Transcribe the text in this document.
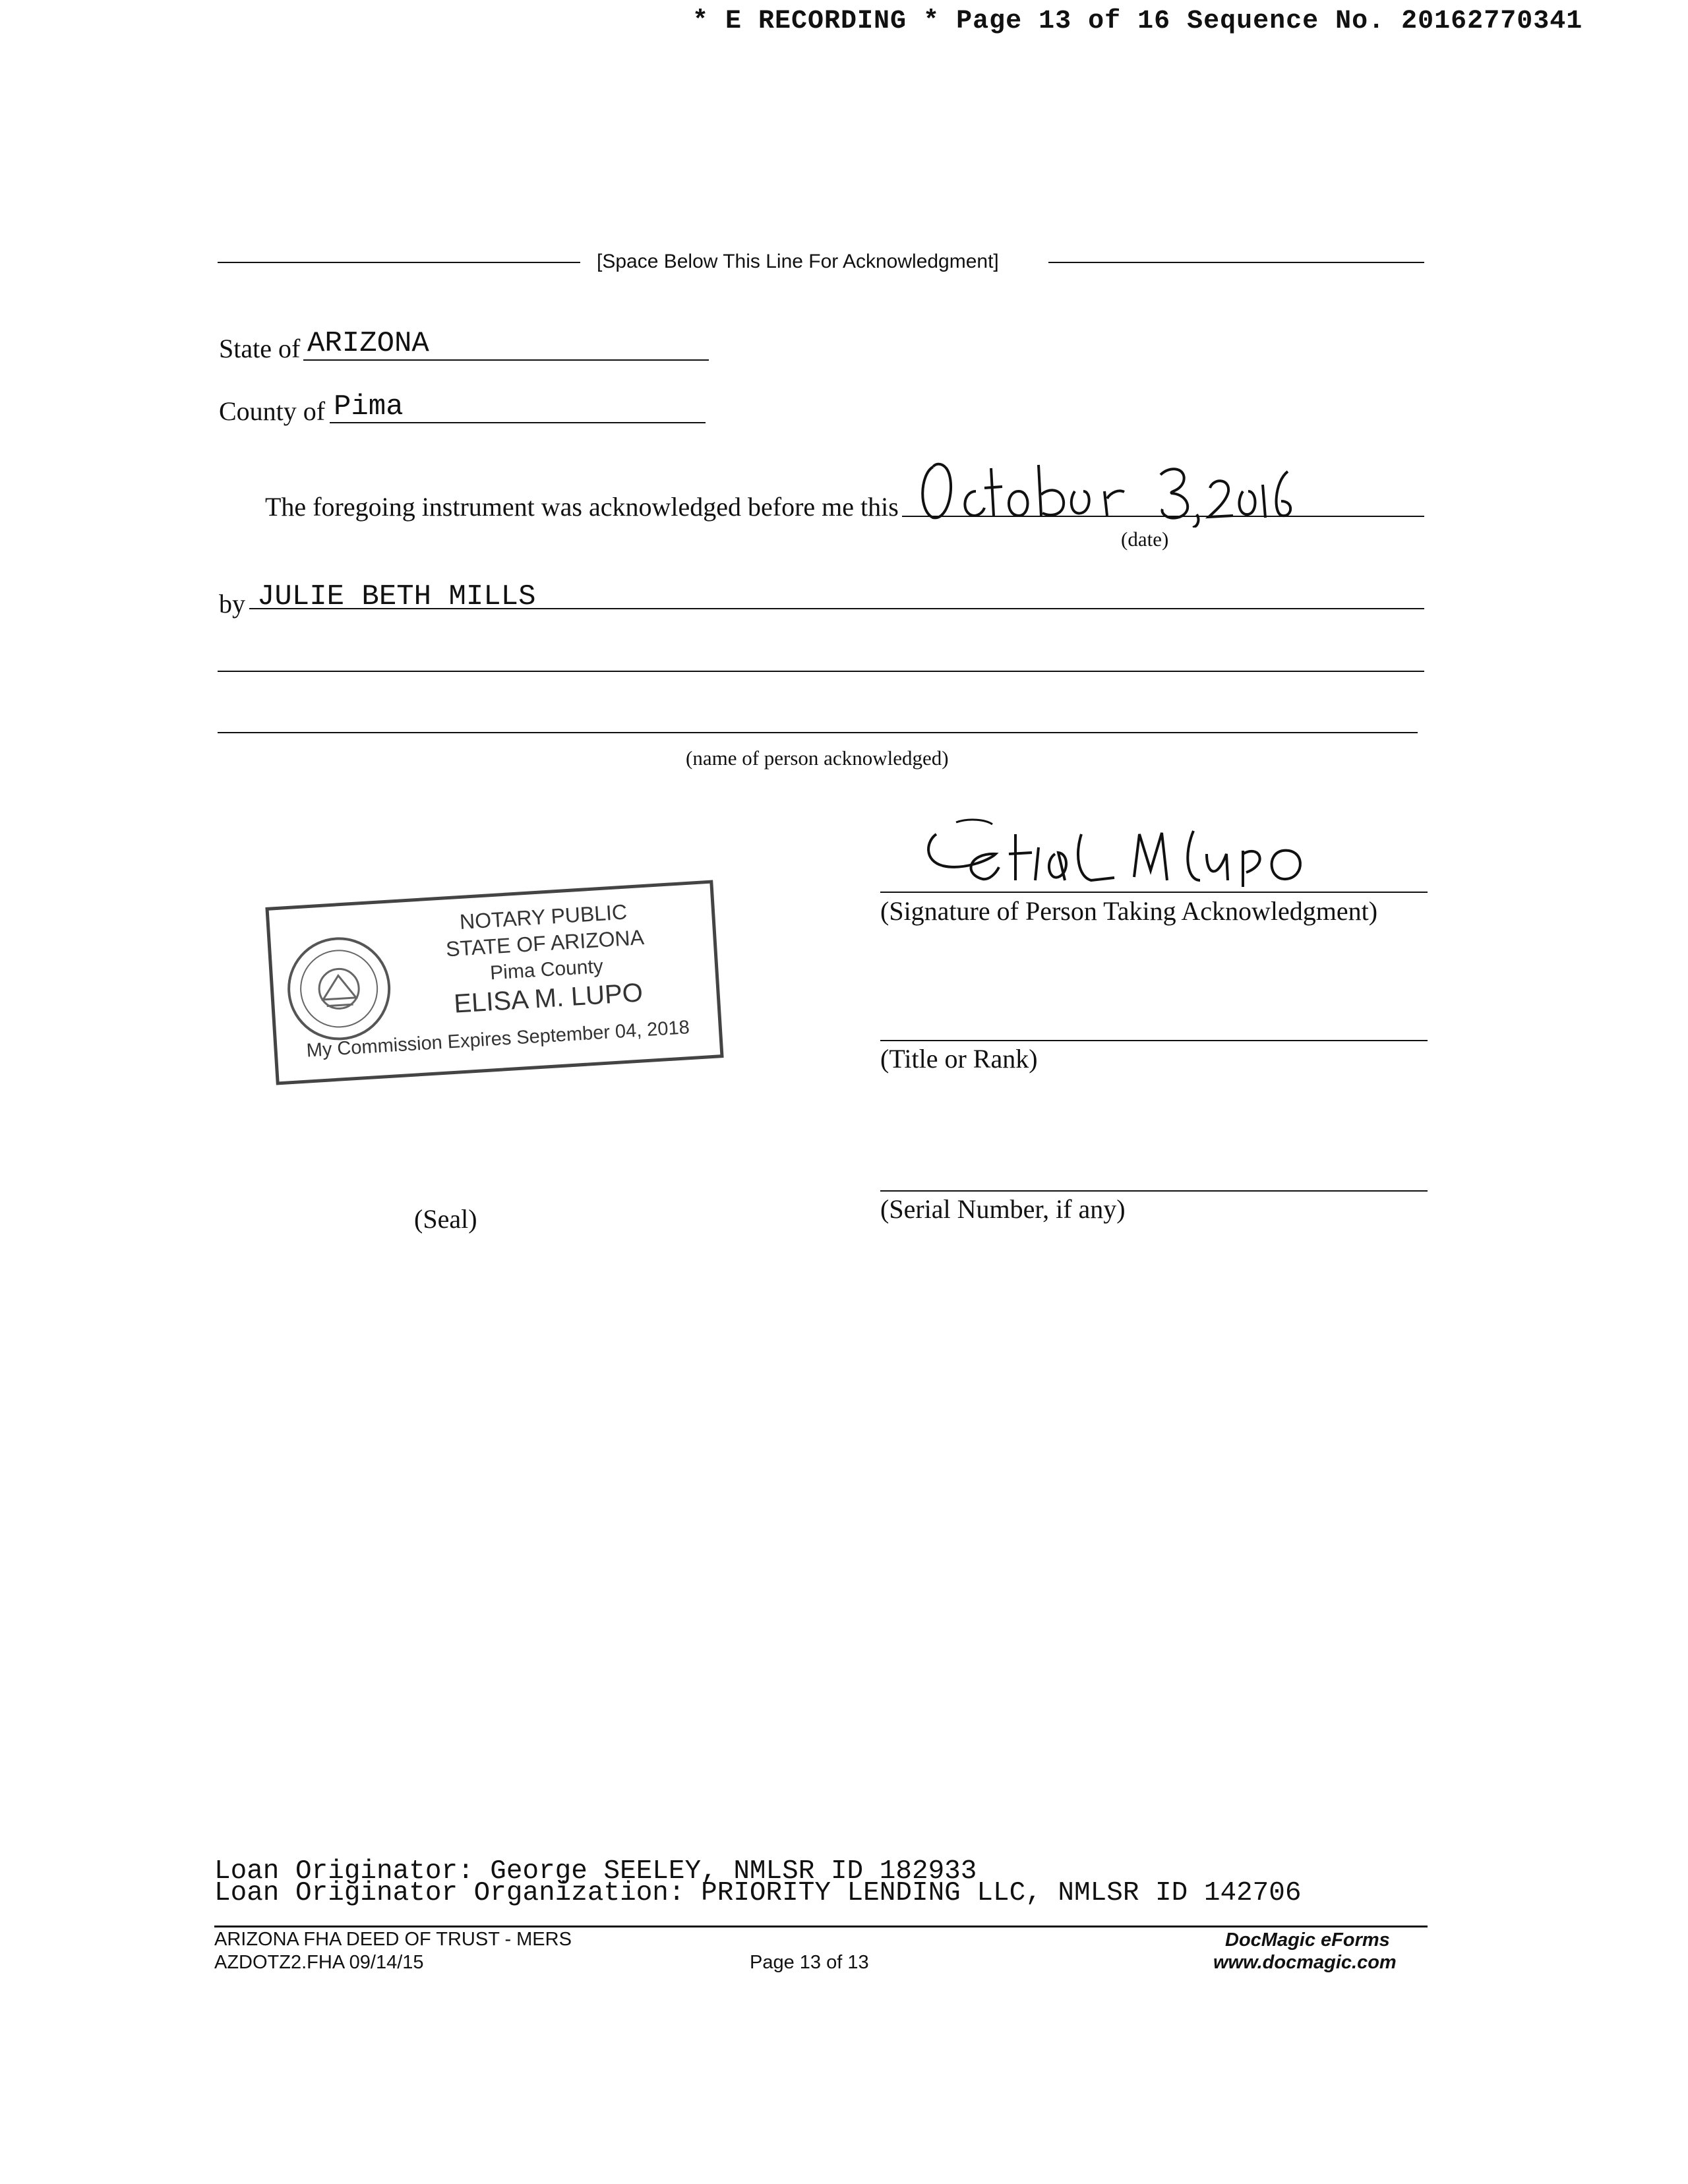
* E RECORDING * Page 13 of 16 Sequence No. 20162770341
[Space Below This Line For Acknowledgment]
State of ARIZONA
County of Pima
The foregoing instrument was acknowledged before me this
(date)
by JULIE BETH MILLS
(name of person acknowledged)
(Signature of Person Taking Acknowledgment)
(Title or Rank)
(Serial Number, if any)
(Seal)
NOTARY PUBLIC
STATE OF ARIZONA
Pima County
ELISA M. LUPO
My Commission Expires September 04, 2018
Loan Originator: George SEELEY, NMLSR ID 182933
Loan Originator Organization: PRIORITY LENDING LLC, NMLSR ID 142706
ARIZONA FHA DEED OF TRUST - MERS
AZDOTZ2.FHA 09/14/15	Page 13 of 13
DocMagic eForms
www.docmagic.com
